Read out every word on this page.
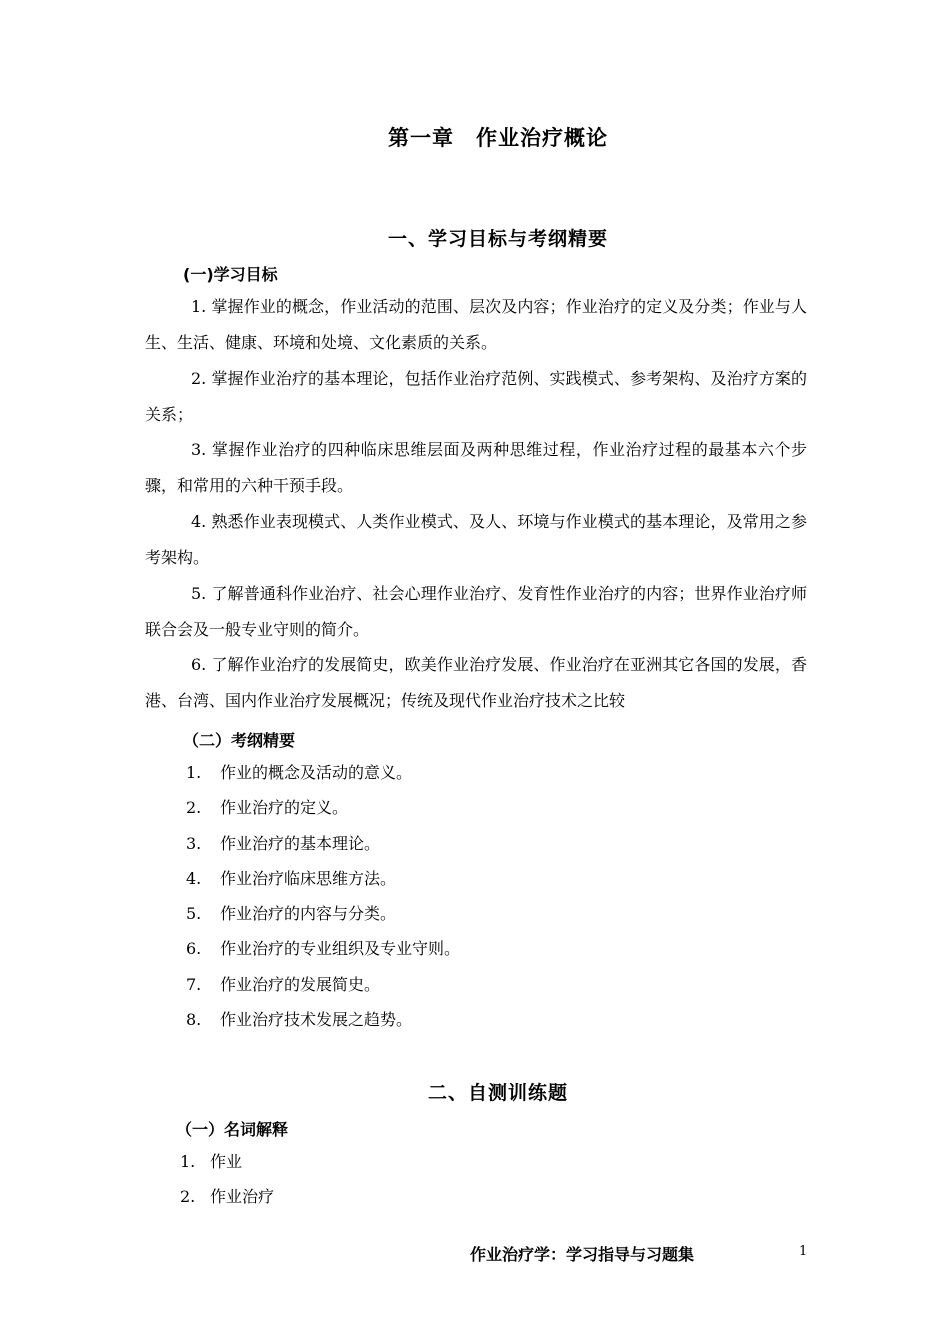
第一章　作业治疗概论
一、学习目标与考纲精要
(一)学习目标

1. 掌握作业的概念，作业活动的范围、层次及内容；作业治疗的定义及分类；作业与人生、生活、健康、环境和处境、文化素质的关系。

2. 掌握作业治疗的基本理论，包括作业治疗范例、实践模式、参考架构、及治疗方案的关系；

3. 掌握作业治疗的四种临床思维层面及两种思维过程，作业治疗过程的最基本六个步骤，和常用的六种干预手段。

4. 熟悉作业表现模式、人类作业模式、及人、环境与作业模式的基本理论，及常用之参考架构。

5. 了解普通科作业治疗、社会心理作业治疗、发育性作业治疗的内容；世界作业治疗师联合会及一般专业守则的简介。

6. 了解作业治疗的发展简史，欧美作业治疗发展、作业治疗在亚洲其它各国的发展，香港、台湾、国内作业治疗发展概况；传统及现代作业治疗技术之比较

（二）考纲精要
1. 作业的概念及活动的意义。
2. 作业治疗的定义。
3. 作业治疗的基本理论。
4. 作业治疗临床思维方法。
5. 作业治疗的内容与分类。
6. 作业治疗的专业组织及专业守则。
7. 作业治疗的发展简史。
8. 作业治疗技术发展之趋势。
二、自测训练题
（一）名词解释
1. 作业
2. 作业治疗
作业治疗学：学习指导与习题集	1
